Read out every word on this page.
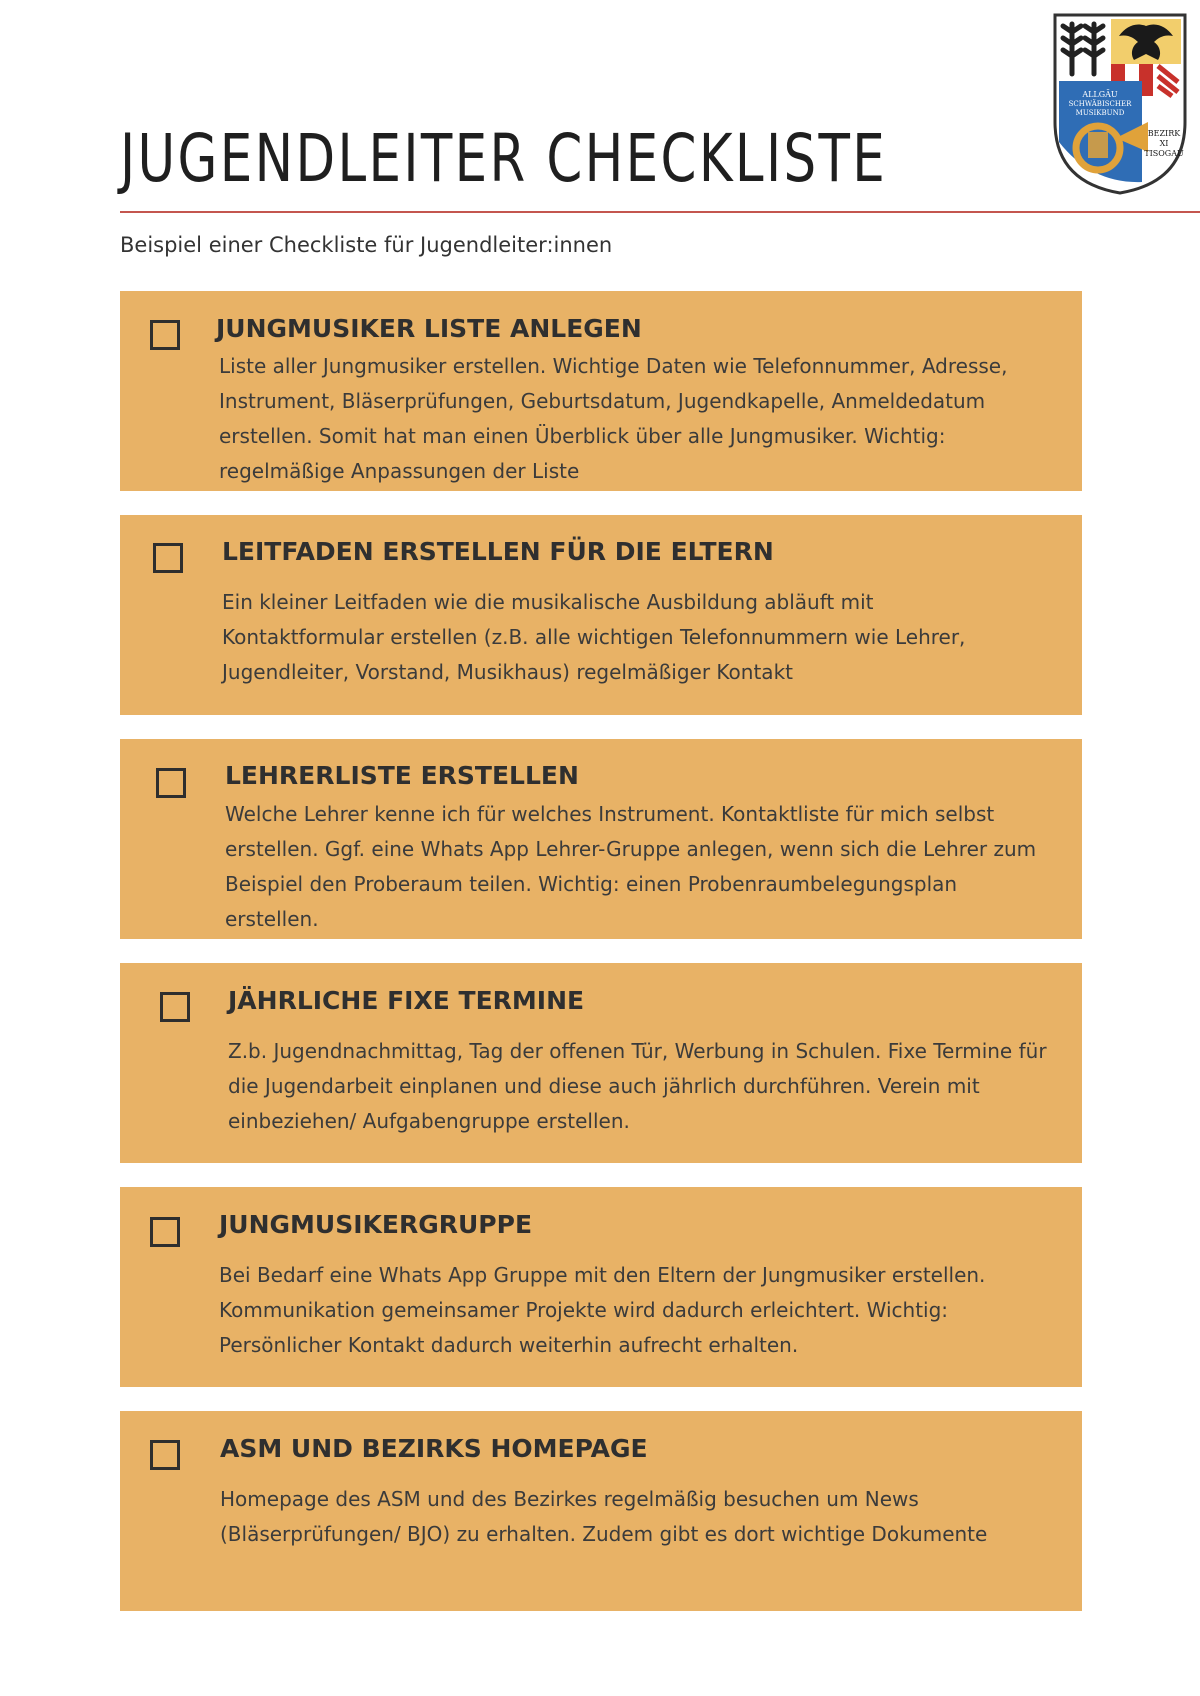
JUGENDLEITER CHECKLISTE
Beispiel einer Checkliste für Jugendleiter:innen
ALLGÄU
SCHWÄBISCHER
MUSIKBUND
BEZIRK
XI
TISOGAU
JUNGMUSIKER LISTE ANLEGEN

Liste aller Jungmusiker erstellen. Wichtige Daten wie Telefonnummer, Adresse, Instrument, Bläserprüfungen, Geburtsdatum, Jugendkapelle, Anmeldedatum erstellen. Somit hat man einen Überblick über alle Jungmusiker. Wichtig: regelmäßige Anpassungen der Liste

LEITFADEN ERSTELLEN FÜR DIE ELTERN

Ein kleiner Leitfaden wie die musikalische Ausbildung abläuft mit Kontaktformular erstellen (z.B. alle wichtigen Telefonnummern wie Lehrer, Jugendleiter, Vorstand, Musikhaus) regelmäßiger Kontakt

LEHRERLISTE ERSTELLEN

Welche Lehrer kenne ich für welches Instrument. Kontaktliste für mich selbst erstellen. Ggf. eine Whats App Lehrer-Gruppe anlegen, wenn sich die Lehrer zum Beispiel den Proberaum teilen. Wichtig: einen Probenraumbelegungsplan erstellen.

JÄHRLICHE FIXE TERMINE

Z.b. Jugendnachmittag, Tag der offenen Tür, Werbung in Schulen. Fixe Termine für die Jugendarbeit einplanen und diese auch jährlich durchführen. Verein mit einbeziehen/ Aufgabengruppe erstellen.

JUNGMUSIKERGRUPPE

Bei Bedarf eine Whats App Gruppe mit den Eltern der Jungmusiker erstellen. Kommunikation gemeinsamer Projekte wird dadurch erleichtert. Wichtig: Persönlicher Kontakt dadurch weiterhin aufrecht erhalten.

ASM UND BEZIRKS HOMEPAGE

Homepage des ASM und des Bezirkes regelmäßig besuchen um News (Bläserprüfungen/ BJO) zu erhalten. Zudem gibt es dort wichtige Dokumente
